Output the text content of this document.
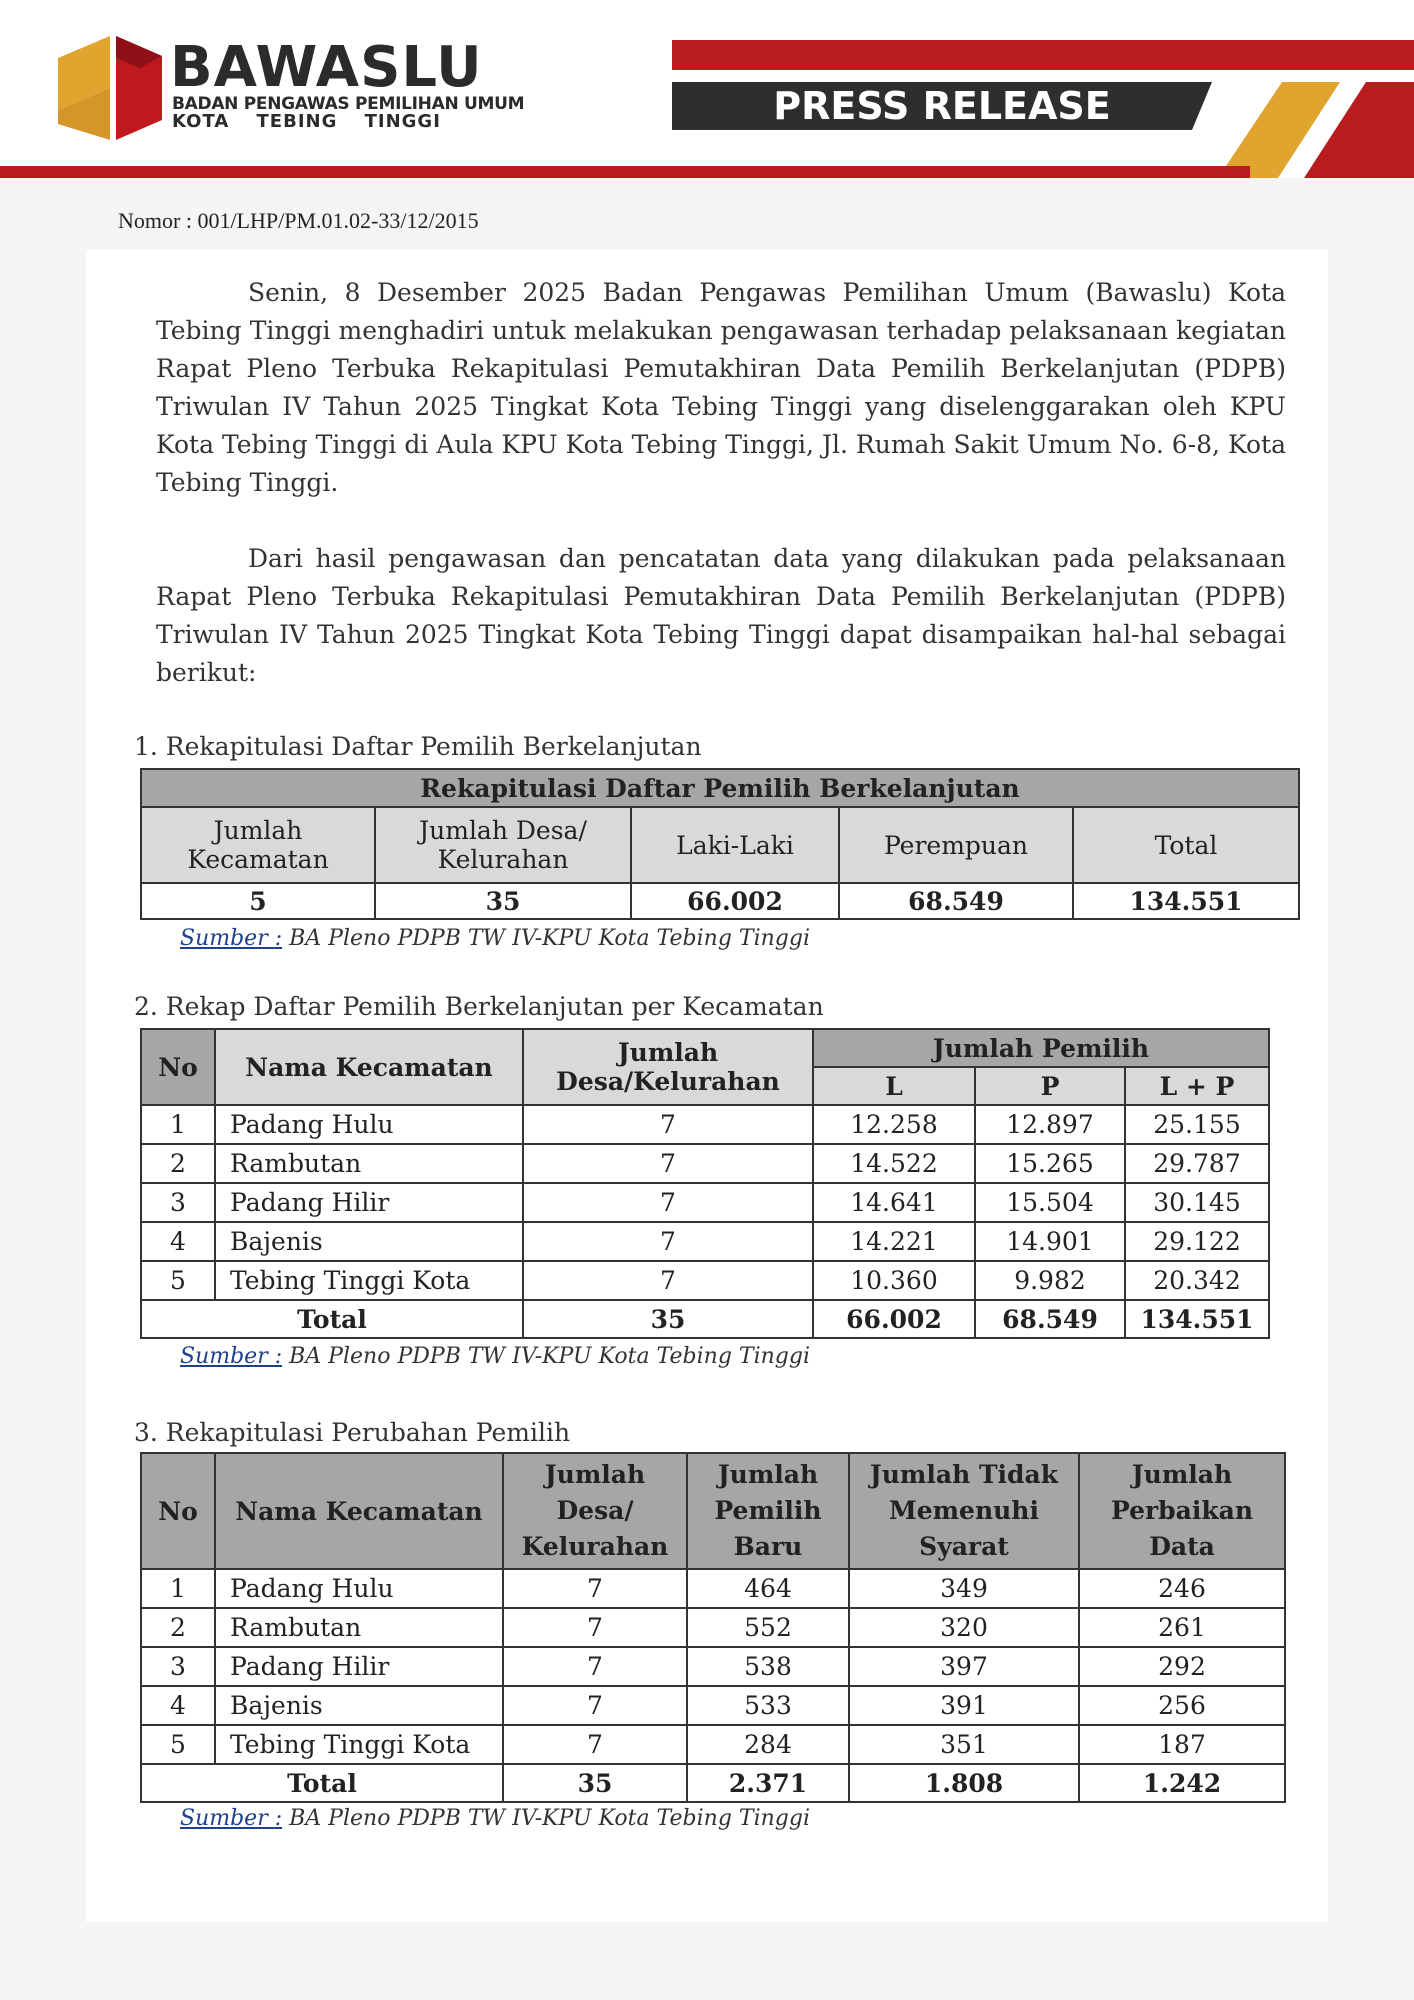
BAWASLU
BADAN PENGAWAS PEMILIHAN UMUM
KOTA TEBING TINGGI	PRESS RELEASE
Nomor : 001/LHP/PM.01.02-33/12/2015
Senin, 8 Desember 2025 Badan Pengawas Pemilihan Umum (Bawaslu) Kota Tebing Tinggi menghadiri untuk melakukan pengawasan terhadap pelaksanaan kegiatan Rapat Pleno Terbuka Rekapitulasi Pemutakhiran Data Pemilih Berkelanjutan (PDPB) Triwulan IV Tahun 2025 Tingkat Kota Tebing Tinggi yang diselenggarakan oleh KPU Kota Tebing Tinggi di Aula KPU Kota Tebing Tinggi, Jl. Rumah Sakit Umum No. 6-8, Kota Tebing Tinggi.
Dari hasil pengawasan dan pencatatan data yang dilakukan pada pelaksanaan Rapat Pleno Terbuka Rekapitulasi Pemutakhiran Data Pemilih Berkelanjutan (PDPB) Triwulan IV Tahun 2025 Tingkat Kota Tebing Tinggi dapat disampaikan hal-hal sebagai berikut:
1. Rekapitulasi Daftar Pemilih Berkelanjutan
Rekapitulasi Daftar Pemilih Berkelanjutan				
Jumlah Kecamatan	Jumlah Desa/ Kelurahan	Laki-Laki	Perempuan	Total
5	35	66.002	68.549	134.551
Sumber : BA Pleno PDPB TW IV-KPU Kota Tebing Tinggi
2. Rekap Daftar Pemilih Berkelanjutan per Kecamatan
No	Nama Kecamatan	Jumlah Desa/Kelurahan	Jumlah Pemilih		
			L	P	L + P
1	Padang Hulu	7	12.258	12.897	25.155
2	Rambutan	7	14.522	15.265	29.787
3	Padang Hilir	7	14.641	15.504	30.145
4	Bajenis	7	14.221	14.901	29.122
5	Tebing Tinggi Kota	7	10.360	9.982	20.342
Total		35	66.002	68.549	134.551
Sumber : BA Pleno PDPB TW IV-KPU Kota Tebing Tinggi
3. Rekapitulasi Perubahan Pemilih
No	Nama Kecamatan	Jumlah Desa/ Kelurahan	Jumlah Pemilih Baru	Jumlah Tidak Memenuhi Syarat	Jumlah Perbaikan Data
1	Padang Hulu	7	464	349	246
2	Rambutan	7	552	320	261
3	Padang Hilir	7	538	397	292
4	Bajenis	7	533	391	256
5	Tebing Tinggi Kota	7	284	351	187
Total		35	2.371	1.808	1.242
Sumber : BA Pleno PDPB TW IV-KPU Kota Tebing Tinggi
